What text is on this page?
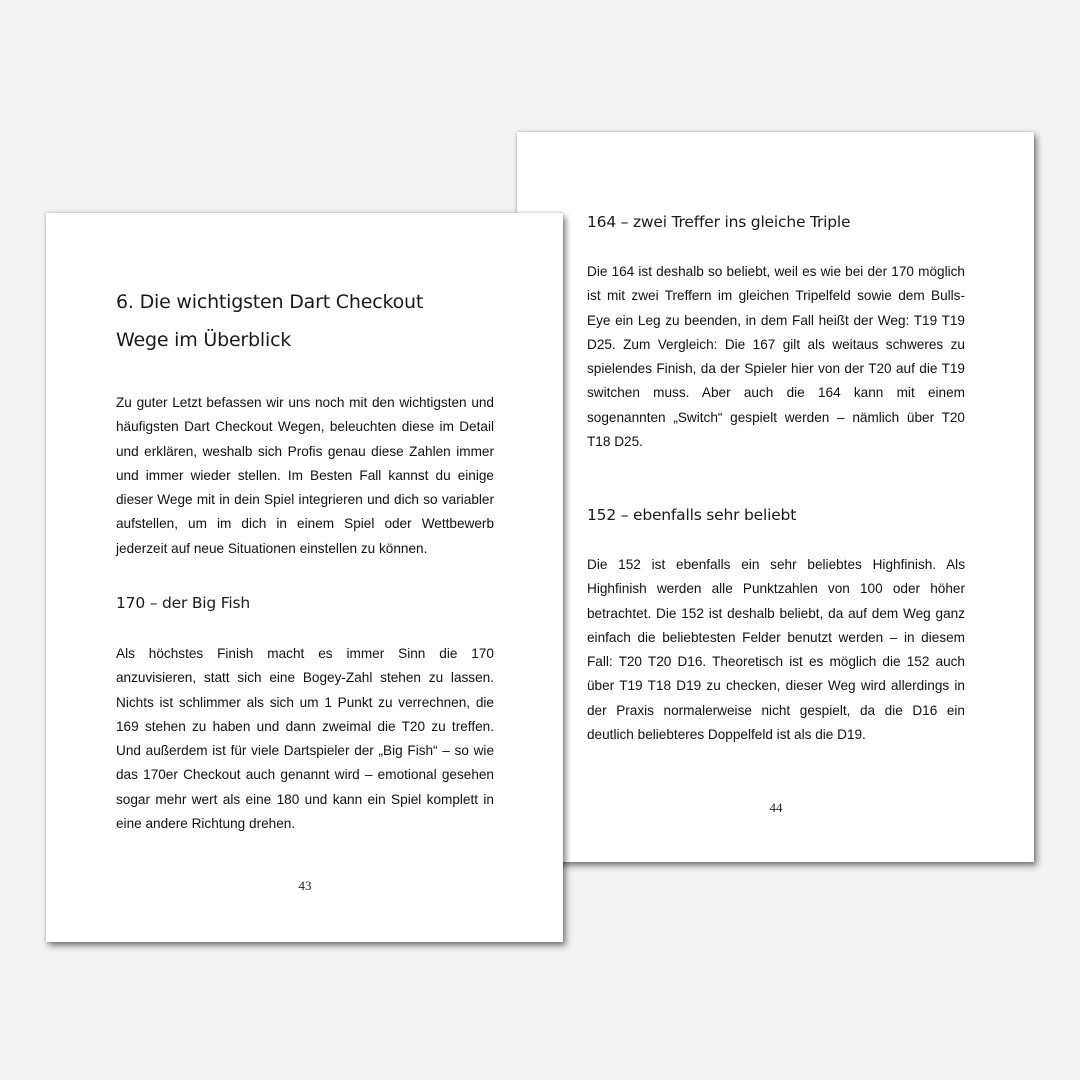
164 – zwei Treffer ins gleiche Triple
Die 164 ist deshalb so beliebt, weil es wie bei der 170 möglich
ist mit zwei Treffern im gleichen Tripelfeld sowie dem Bulls-
Eye ein Leg zu beenden, in dem Fall heißt der Weg: T19 T19
D25. Zum Vergleich: Die 167 gilt als weitaus schweres zu
spielendes Finish, da der Spieler hier von der T20 auf die T19
switchen muss. Aber auch die 164 kann mit einem
sogenannten „Switch“ gespielt werden – nämlich über T20
T18 D25.
152 – ebenfalls sehr beliebt
Die 152 ist ebenfalls ein sehr beliebtes Highfinish. Als
Highfinish werden alle Punktzahlen von 100 oder höher
betrachtet. Die 152 ist deshalb beliebt, da auf dem Weg ganz
einfach die beliebtesten Felder benutzt werden – in diesem
Fall: T20 T20 D16. Theoretisch ist es möglich die 152 auch
über T19 T18 D19 zu checken, dieser Weg wird allerdings in
der Praxis normalerweise nicht gespielt, da die D16 ein
deutlich beliebteres Doppelfeld ist als die D19.
44
6. Die wichtigsten Dart Checkout
Wege im Überblick
Zu guter Letzt befassen wir uns noch mit den wichtigsten und
häufigsten Dart Checkout Wegen, beleuchten diese im Detail
und erklären, weshalb sich Profis genau diese Zahlen immer
und immer wieder stellen. Im Besten Fall kannst du einige
dieser Wege mit in dein Spiel integrieren und dich so variabler
aufstellen, um im dich in einem Spiel oder Wettbewerb
jederzeit auf neue Situationen einstellen zu können.
170 – der Big Fish
Als höchstes Finish macht es immer Sinn die 170
anzuvisieren, statt sich eine Bogey-Zahl stehen zu lassen.
Nichts ist schlimmer als sich um 1 Punkt zu verrechnen, die
169 stehen zu haben und dann zweimal die T20 zu treffen.
Und außerdem ist für viele Dartspieler der „Big Fish“ – so wie
das 170er Checkout auch genannt wird – emotional gesehen
sogar mehr wert als eine 180 und kann ein Spiel komplett in
eine andere Richtung drehen.
43
